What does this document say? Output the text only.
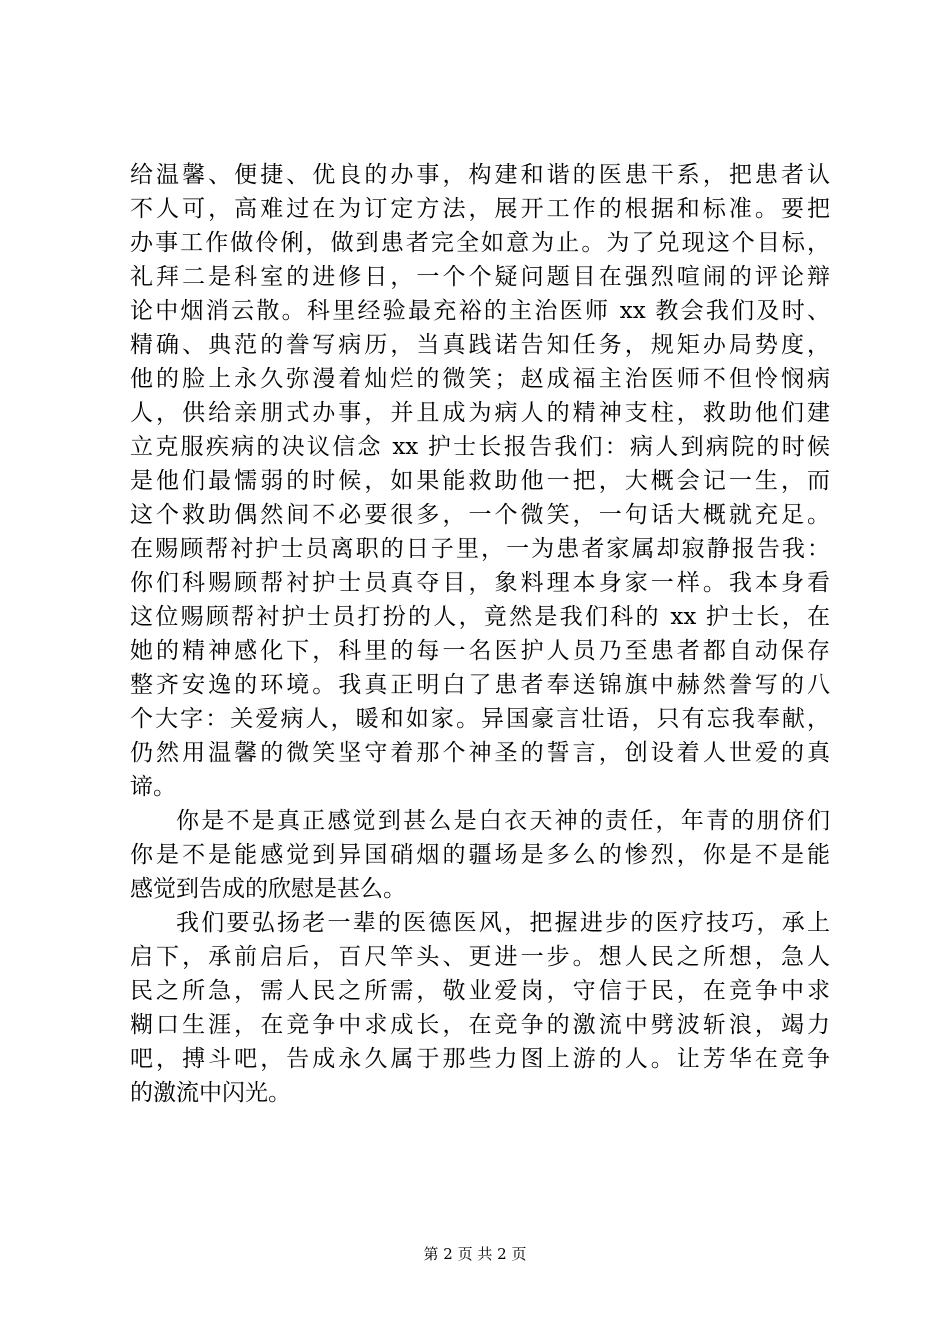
给温馨、便捷、优良的办事，构建和谐的医患干系，把患者认
不人可，高难过在为订定方法，展开工作的根据和标准。要把
办事工作做伶俐，做到患者完全如意为止。为了兑现这个目标，
礼拜二是科室的进修日，一个个疑问题目在强烈喧闹的评论辩
论中烟消云散。科里经验最充裕的主治医师 xx 教会我们及时、
精确、典范的誊写病历，当真践诺告知任务，规矩办局势度，
他的脸上永久弥漫着灿烂的微笑；赵成福主治医师不但怜悯病
人，供给亲朋式办事，并且成为病人的精神支柱，救助他们建
立克服疾病的决议信念 xx 护士长报告我们：病人到病院的时候
是他们最懦弱的时候，如果能救助他一把，大概会记一生，而
这个救助偶然间不必要很多，一个微笑，一句话大概就充足。
在赐顾帮衬护士员离职的日子里，一为患者家属却寂静报告我：
你们科赐顾帮衬护士员真夺目，象料理本身家一样。我本身看
这位赐顾帮衬护士员打扮的人，竟然是我们科的 xx 护士长，在
她的精神感化下，科里的每一名医护人员乃至患者都自动保存
整齐安逸的环境。我真正明白了患者奉送锦旗中赫然誊写的八
个大字：关爱病人，暖和如家。异国豪言壮语，只有忘我奉献，
仍然用温馨的微笑坚守着那个神圣的誓言，创设着人世爱的真
谛。
你是不是真正感觉到甚么是白衣天神的责任，年青的朋侪们
你是不是能感觉到异国硝烟的疆场是多么的惨烈，你是不是能
感觉到告成的欣慰是甚么。
我们要弘扬老一辈的医德医风，把握进步的医疗技巧，承上
启下，承前启后，百尺竿头、更进一步。想人民之所想，急人
民之所急，需人民之所需，敬业爱岗，守信于民，在竞争中求
糊口生涯，在竞争中求成长，在竞争的激流中劈波斩浪，竭力
吧，搏斗吧，告成永久属于那些力图上游的人。让芳华在竞争
的激流中闪光。
第 2 页 共 2 页
